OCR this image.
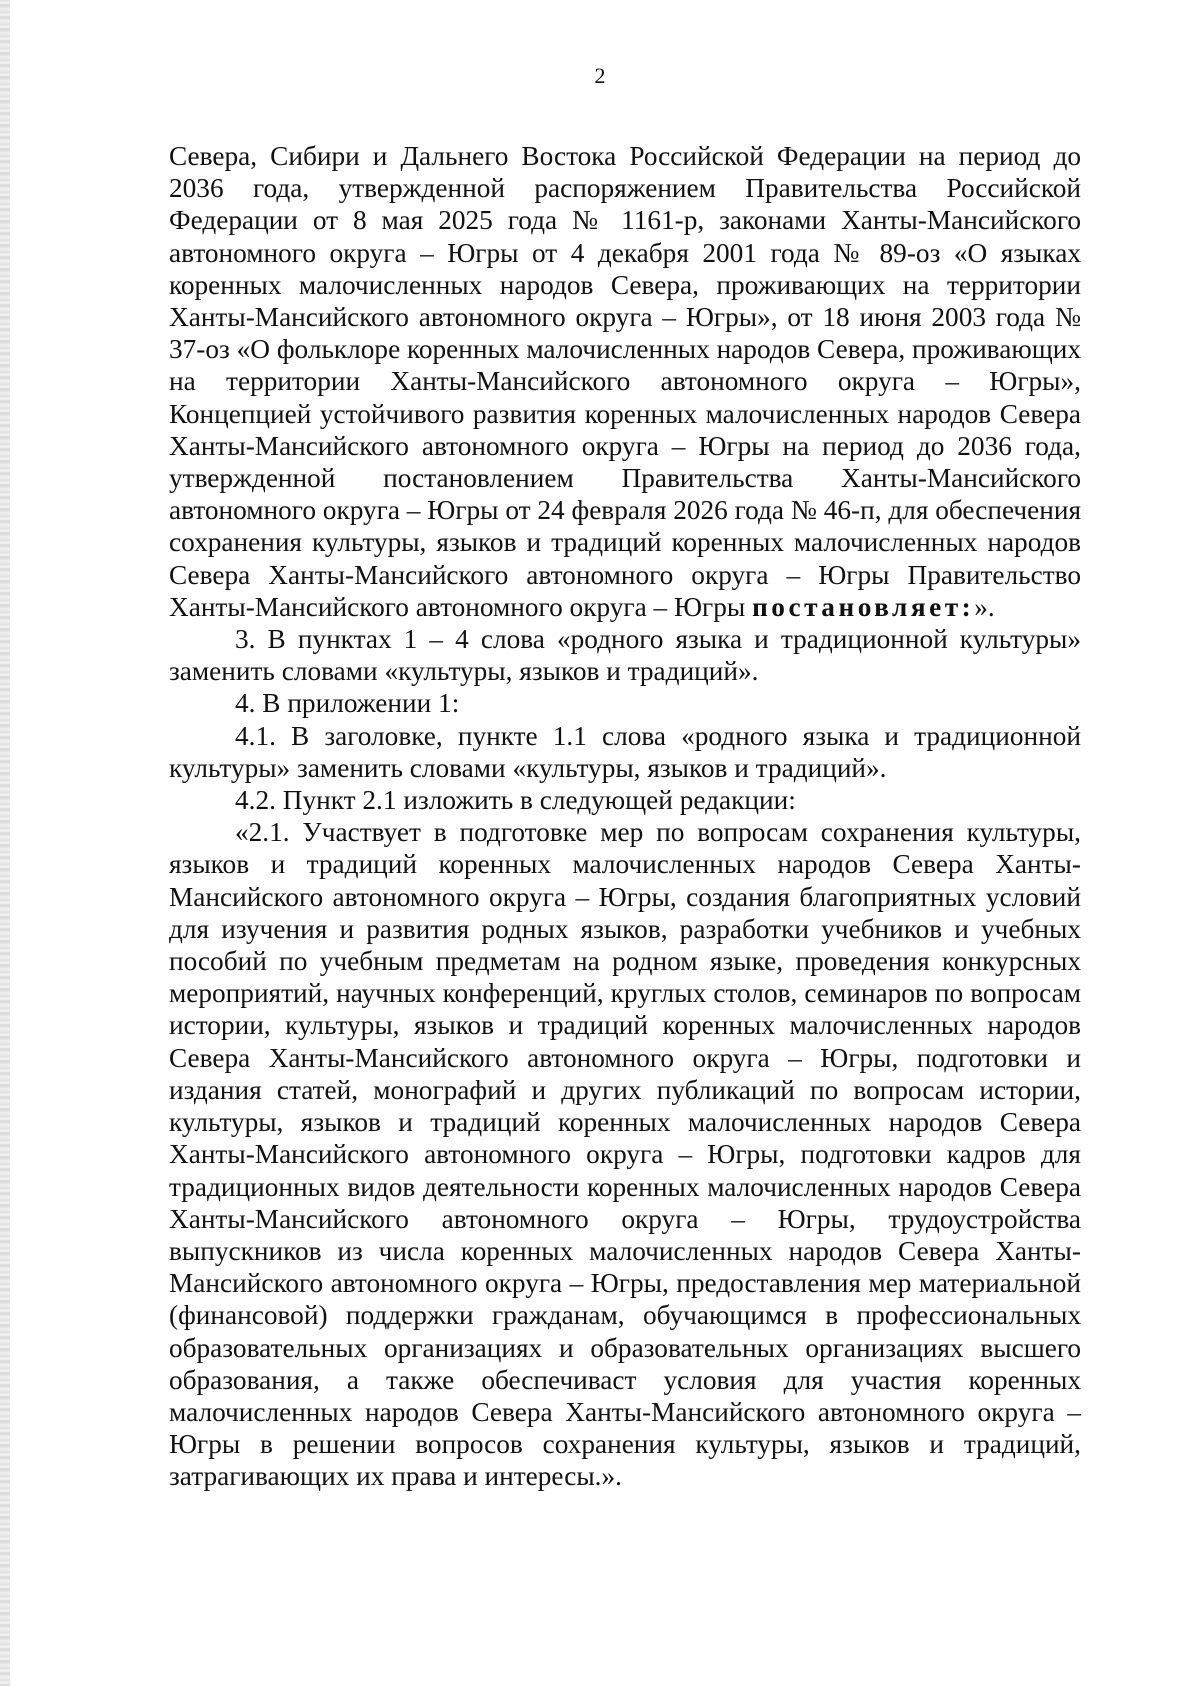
2

Севера, Сибири и Дальнего Востока Российской Федерации на период до 2036 года, утвержденной распоряжением Правительства Российской Федерации от 8 мая 2025 года № 1161-р, законами Ханты-Мансийского автономного округа – Югры от 4 декабря 2001 года № 89-оз «О языках коренных малочисленных народов Севера, проживающих на территории Ханты-Мансийского автономного округа – Югры», от 18 июня 2003 года № 37-оз «О фольклоре коренных малочисленных народов Севера, проживающих на территории Ханты-Мансийского автономного округа – Югры», Концепцией устойчивого развития коренных малочисленных народов Севера Ханты-Мансийского автономного округа – Югры на период до 2036 года, утвержденной постановлением Правительства Ханты-Мансийского автономного округа – Югры от 24 февраля 2026 года № 46-п, для обеспечения сохранения культуры, языков и традиций коренных малочисленных народов Севера Ханты-Мансийского автономного округа – Югры Правительство Ханты-Мансийского автономного округа – Югры постановляет:».

3. В пунктах 1 – 4 слова «родного языка и традиционной культуры» заменить словами «культуры, языков и традиций».

4. В приложении 1:

4.1. В заголовке, пункте 1.1 слова «родного языка и традиционной культуры» заменить словами «культуры, языков и традиций».

4.2. Пункт 2.1 изложить в следующей редакции:

«2.1. Участвует в подготовке мер по вопросам сохранения культуры, языков и традиций коренных малочисленных народов Севера Ханты-Мансийского автономного округа – Югры, создания благоприятных условий для изучения и развития родных языков, разработки учебников и учебных пособий по учебным предметам на родном языке, проведения конкурсных мероприятий, научных конференций, круглых столов, семинаров по вопросам истории, культуры, языков и традиций коренных малочисленных народов Севера Ханты-Мансийского автономного округа – Югры, подготовки и издания статей, монографий и других публикаций по вопросам истории, культуры, языков и традиций коренных малочисленных народов Севера Ханты-Мансийского автономного округа – Югры, подготовки кадров для традиционных видов деятельности коренных малочисленных народов Севера Ханты-Мансийского автономного округа – Югры, трудоустройства выпускников из числа коренных малочисленных народов Севера Ханты-Мансийского автономного округа – Югры, предоставления мер материальной (финансовой) поддержки гражданам, обучающимся в профессиональных образовательных организациях и образовательных организациях высшего образования, а также обеспечиваст условия для участия коренных малочисленных народов Севера Ханты-Мансийского автономного округа – Югры в решении вопросов сохранения культуры, языков и традиций, затрагивающих их права и интересы.».
